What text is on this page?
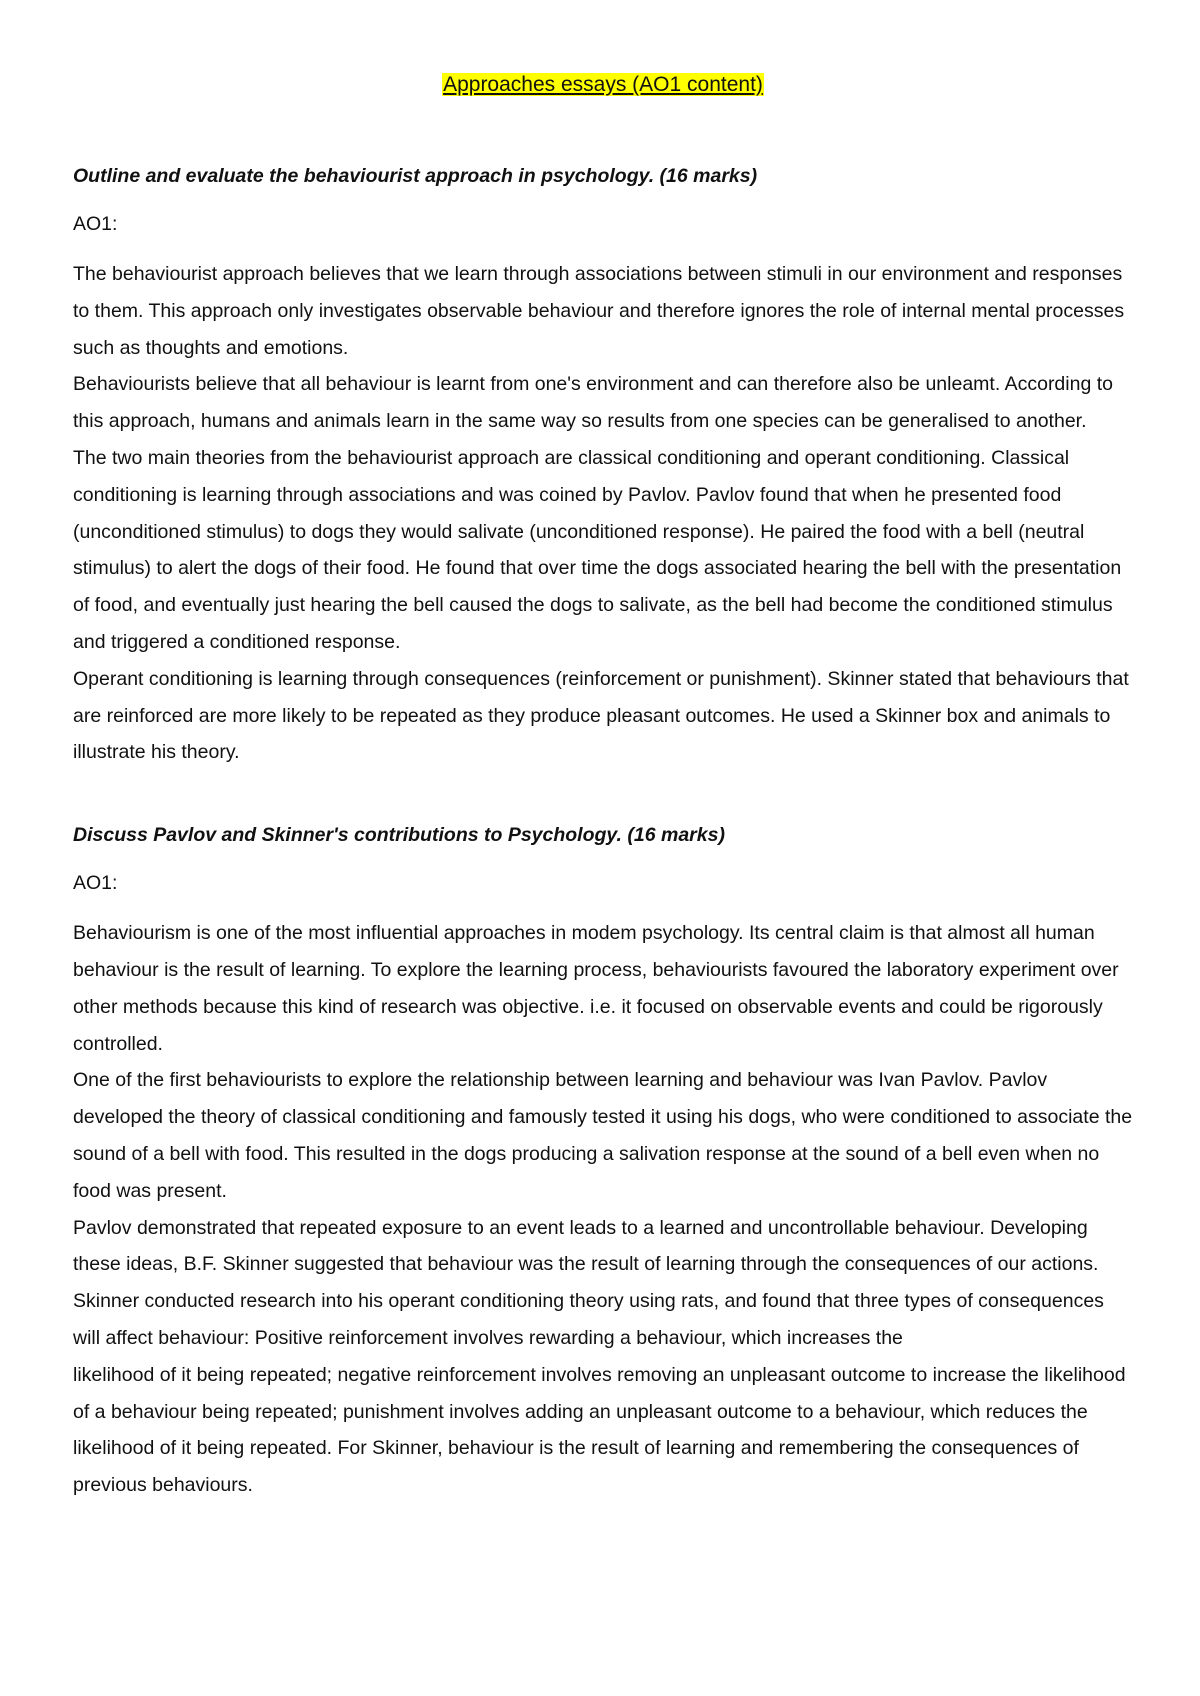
Approaches essays (AO1 content)
Outline and evaluate the behaviourist approach in psychology. (16 marks)
AO1:

The behaviourist approach believes that we learn through associations between stimuli in our environment and responses to them. This approach only investigates observable behaviour and therefore ignores the role of internal mental processes such as thoughts and emotions.

Behaviourists believe that all behaviour is learnt from one's environment and can therefore also be unleamt. According to this approach, humans and animals learn in the same way so results from one species can be generalised to another.

The two main theories from the behaviourist approach are classical conditioning and operant conditioning. Classical conditioning is learning through associations and was coined by Pavlov. Pavlov found that when he presented food (unconditioned stimulus) to dogs they would salivate (unconditioned response). He paired the food with a bell (neutral stimulus) to alert the dogs of their food. He found that over time the dogs associated hearing the bell with the presentation of food, and eventually just hearing the bell caused the dogs to salivate, as the bell had become the conditioned stimulus and triggered a conditioned response.

Operant conditioning is learning through consequences (reinforcement or punishment). Skinner stated that behaviours that are reinforced are more likely to be repeated as they produce pleasant outcomes. He used a Skinner box and animals to illustrate his theory.

Discuss Pavlov and Skinner's contributions to Psychology. (16 marks)
AO1:

Behaviourism is one of the most influential approaches in modem psychology. Its central claim is that almost all human behaviour is the result of learning. To explore the learning process, behaviourists favoured the laboratory experiment over other methods because this kind of research was objective. i.e. it focused on observable events and could be rigorously controlled.

One of the first behaviourists to explore the relationship between learning and behaviour was Ivan Pavlov. Pavlov developed the theory of classical conditioning and famously tested it using his dogs, who were conditioned to associate the sound of a bell with food. This resulted in the dogs producing a salivation response at the sound of a bell even when no food was present.

Pavlov demonstrated that repeated exposure to an event leads to a learned and uncontrollable behaviour. Developing these ideas, B.F. Skinner suggested that behaviour was the result of learning through the consequences of our actions. Skinner conducted research into his operant conditioning theory using rats, and found that three types of consequences will affect behaviour: Positive reinforcement involves rewarding a behaviour, which increases the

likelihood of it being repeated; negative reinforcement involves removing an unpleasant outcome to increase the likelihood of a behaviour being repeated; punishment involves adding an unpleasant outcome to a behaviour, which reduces the likelihood of it being repeated. For Skinner, behaviour is the result of learning and remembering the consequences of previous behaviours.
